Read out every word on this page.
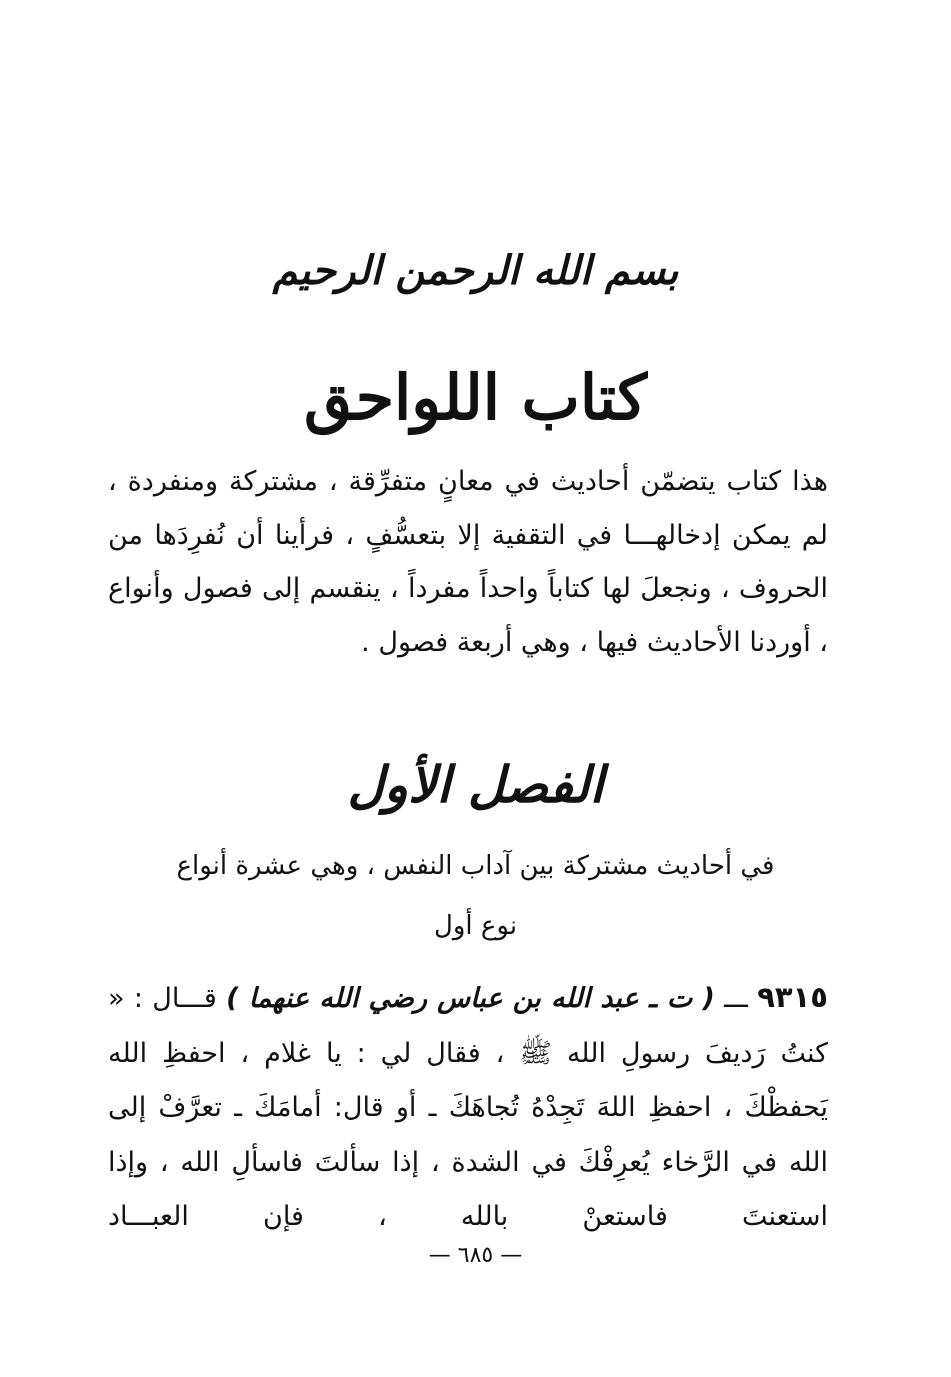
بسم الله الرحمن الرحيم
كتاب اللواحق

هذا كتاب يتضمّن أحاديث في معانٍ متفرِّقة ، مشتركة ومنفردة ، لم يمكن إدخالهـــا في التقفية إلا بتعسُّفٍ ، فرأينا أن نُفرِدَها من الحروف ، ونجعلَ لها كتاباً واحداً مفرداً ، ينقسم إلى فصول وأنواع ، أوردنا الأحاديث فيها ، وهي أربعة فصول .

الفصل الأول
في أحاديث مشتركة بين آداب النفس ، وهي عشرة أنواع
نوع أول

٩٣١٥ ـــ ( ت ـ عبد الله بن عباس رضي الله عنهما ) قـــال : « كنتُ رَديفَ رسولِ الله ﷺ ، فقال لي : يا غلام ، احفظِ الله يَحفظْكَ ، احفظِ اللهَ تَجِدْهُ تُجاهَكَ ـ أو قال: أمامَكَ ـ تعرَّفْ إلى الله في الرَّخاء يُعرِفْكَ في الشدة ، إذا سألتَ فاسألِ الله ، وإذا استعنتَ فاستعنْ بالله ، فإن العبـــاد

— ٦٨٥ —
